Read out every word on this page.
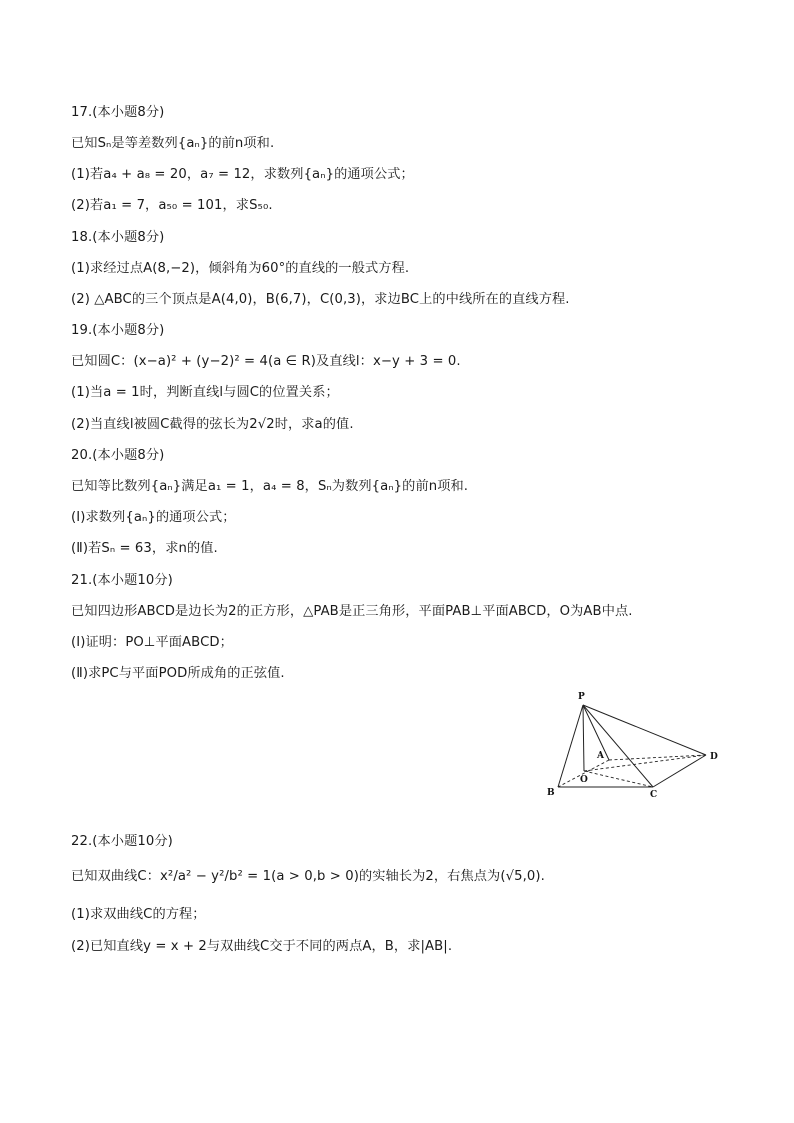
17.(本小题8分)
已知Sₙ是等差数列{aₙ}的前n项和.
(1)若a₄ + a₈ = 20，a₇ = 12，求数列{aₙ}的通项公式；
(2)若a₁ = 7，a₅₀ = 101，求S₅₀.
18.(本小题8分)
(1)求经过点A(8,−2)，倾斜角为60°的直线的一般式方程.
(2) △ABC的三个顶点是A(4,0)，B(6,7)，C(0,3)，求边BC上的中线所在的直线方程.
19.(本小题8分)
已知圆C：(x−a)² + (y−2)² = 4(a ∈ R)及直线l：x−y + 3 = 0.
(1)当a = 1时，判断直线l与圆C的位置关系；
(2)当直线l被圆C截得的弦长为2√2时，求a的值.
20.(本小题8分)
已知等比数列{aₙ}满足a₁ = 1，a₄ = 8，Sₙ为数列{aₙ}的前n项和.
(Ⅰ)求数列{aₙ}的通项公式；
(Ⅱ)若Sₙ = 63，求n的值.
21.(本小题10分)
已知四边形ABCD是边长为2的正方形，△PAB是正三角形，平面PAB⊥平面ABCD，O为AB中点.
(Ⅰ)证明：PO⊥平面ABCD；
(Ⅱ)求PC与平面POD所成角的正弦值.
P
A
O
B	C
D
22.(本小题10分)
已知双曲线C：x²/a² − y²/b² = 1(a > 0,b > 0)的实轴长为2，右焦点为(√5,0).
(1)求双曲线C的方程；
(2)已知直线y = x + 2与双曲线C交于不同的两点A，B，求|AB|.
